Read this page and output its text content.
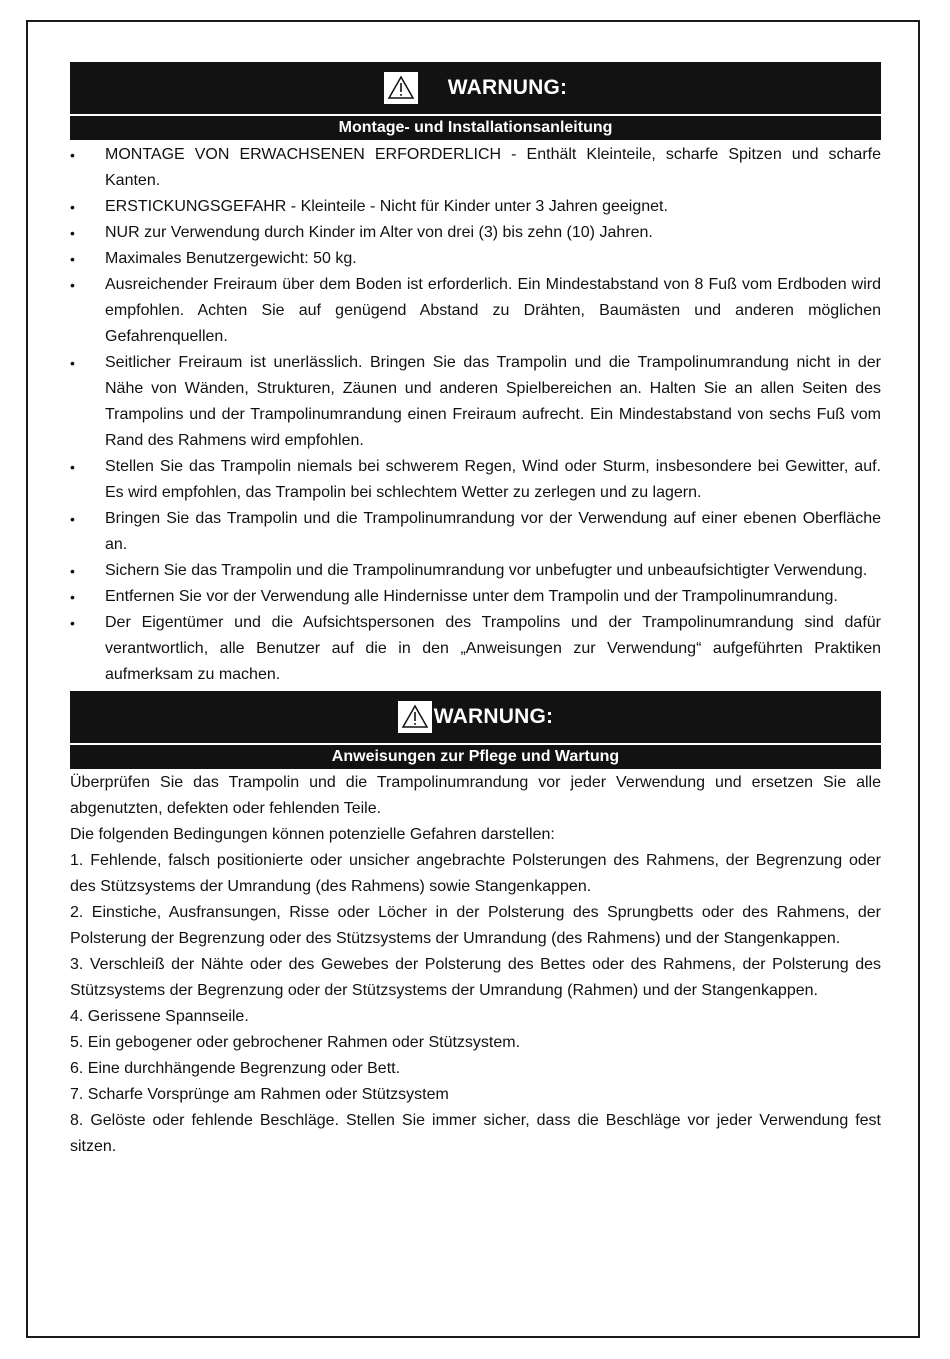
WARNUNG:
Montage- und Installationsanleitung
• MONTAGE VON ERWACHSENEN ERFORDERLICH - Enthält Kleinteile, scharfe Spitzen und scharfe Kanten.
• ERSTICKUNGSGEFAHR - Kleinteile - Nicht für Kinder unter 3 Jahren geeignet.
• NUR zur Verwendung durch Kinder im Alter von drei (3) bis zehn (10) Jahren.
• Maximales Benutzergewicht: 50 kg.
• Ausreichender Freiraum über dem Boden ist erforderlich. Ein Mindestabstand von 8 Fuß vom Erdboden wird empfohlen. Achten Sie auf genügend Abstand zu Drähten, Baumästen und anderen möglichen Gefahrenquellen.
• Seitlicher Freiraum ist unerlässlich. Bringen Sie das Trampolin und die Trampolinumrandung nicht in der Nähe von Wänden, Strukturen, Zäunen und anderen Spielbereichen an. Halten Sie an allen Seiten des Trampolins und der Trampolinumrandung einen Freiraum aufrecht. Ein Mindestabstand von sechs Fuß vom Rand des Rahmens wird empfohlen.
• Stellen Sie das Trampolin niemals bei schwerem Regen, Wind oder Sturm, insbesondere bei Gewitter, auf. Es wird empfohlen, das Trampolin bei schlechtem Wetter zu zerlegen und zu lagern.
• Bringen Sie das Trampolin und die Trampolinumrandung vor der Verwendung auf einer ebenen Oberfläche an.
• Sichern Sie das Trampolin und die Trampolinumrandung vor unbefugter und unbeaufsichtigter Verwendung.
• Entfernen Sie vor der Verwendung alle Hindernisse unter dem Trampolin und der Trampolinumrandung.
• Der Eigentümer und die Aufsichtspersonen des Trampolins und der Trampolinumrandung sind dafür verantwortlich, alle Benutzer auf die in den „Anweisungen zur Verwendung“ aufgeführten Praktiken aufmerksam zu machen.
WARNUNG:
Anweisungen zur Pflege und Wartung

Überprüfen Sie das Trampolin und die Trampolinumrandung vor jeder Verwendung und ersetzen Sie alle abgenutzten, defekten oder fehlenden Teile.

Die folgenden Bedingungen können potenzielle Gefahren darstellen:

1. Fehlende, falsch positionierte oder unsicher angebrachte Polsterungen des Rahmens, der Begrenzung oder des Stützsystems der Umrandung (des Rahmens) sowie Stangenkappen.

2. Einstiche, Ausfransungen, Risse oder Löcher in der Polsterung des Sprungbetts oder des Rahmens, der Polsterung der Begrenzung oder des Stützsystems der Umrandung (des Rahmens) und der Stangenkappen.

3. Verschleiß der Nähte oder des Gewebes der Polsterung des Bettes oder des Rahmens, der Polsterung des Stützsystems der Begrenzung oder der Stützsystems der Umrandung (Rahmen) und der Stangenkappen.

4. Gerissene Spannseile.

5. Ein gebogener oder gebrochener Rahmen oder Stützsystem.

6. Eine durchhängende Begrenzung oder Bett.

7. Scharfe Vorsprünge am Rahmen oder Stützsystem

8. Gelöste oder fehlende Beschläge. Stellen Sie immer sicher, dass die Beschläge vor jeder Verwendung fest sitzen.
